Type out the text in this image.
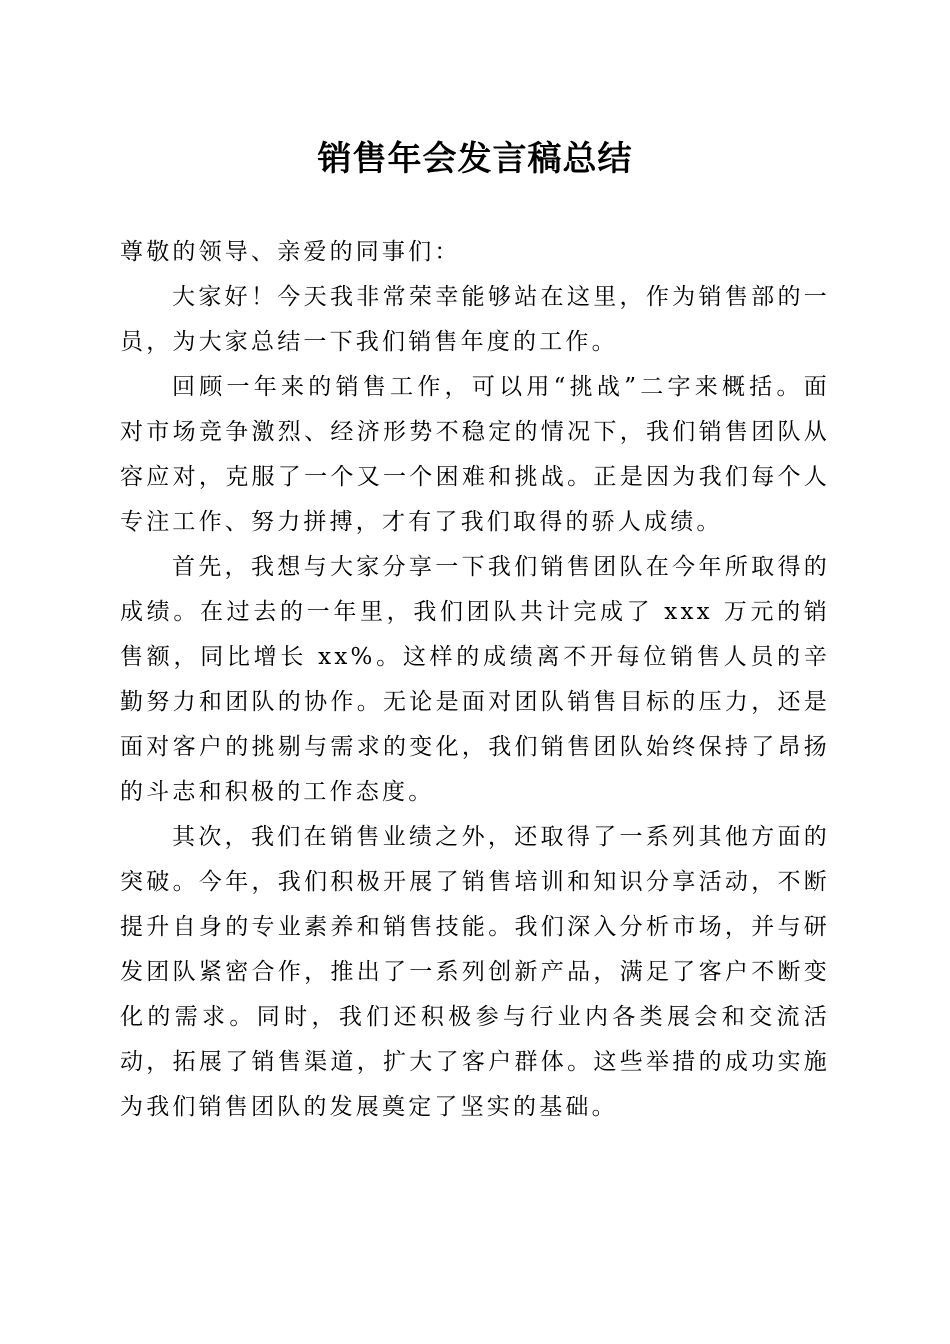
销售年会发言稿总结

尊敬的领导、亲爱的同事们：

大家好！今天我非常荣幸能够站在这里，作为销售部的一员，为大家总结一下我们销售年度的工作。

回顾一年来的销售工作，可以用“挑战”二字来概括。面对市场竞争激烈、经济形势不稳定的情况下，我们销售团队从容应对，克服了一个又一个困难和挑战。正是因为我们每个人专注工作、努力拼搏，才有了我们取得的骄人成绩。

首先，我想与大家分享一下我们销售团队在今年所取得的成绩。在过去的一年里，我们团队共计完成了 xxx 万元的销售额，同比增长 xx%。这样的成绩离不开每位销售人员的辛勤努力和团队的协作。无论是面对团队销售目标的压力，还是面对客户的挑剔与需求的变化，我们销售团队始终保持了昂扬的斗志和积极的工作态度。

其次，我们在销售业绩之外，还取得了一系列其他方面的突破。今年，我们积极开展了销售培训和知识分享活动，不断提升自身的专业素养和销售技能。我们深入分析市场，并与研发团队紧密合作，推出了一系列创新产品，满足了客户不断变化的需求。同时，我们还积极参与行业内各类展会和交流活动，拓展了销售渠道，扩大了客户群体。这些举措的成功实施为我们销售团队的发展奠定了坚实的基础。
